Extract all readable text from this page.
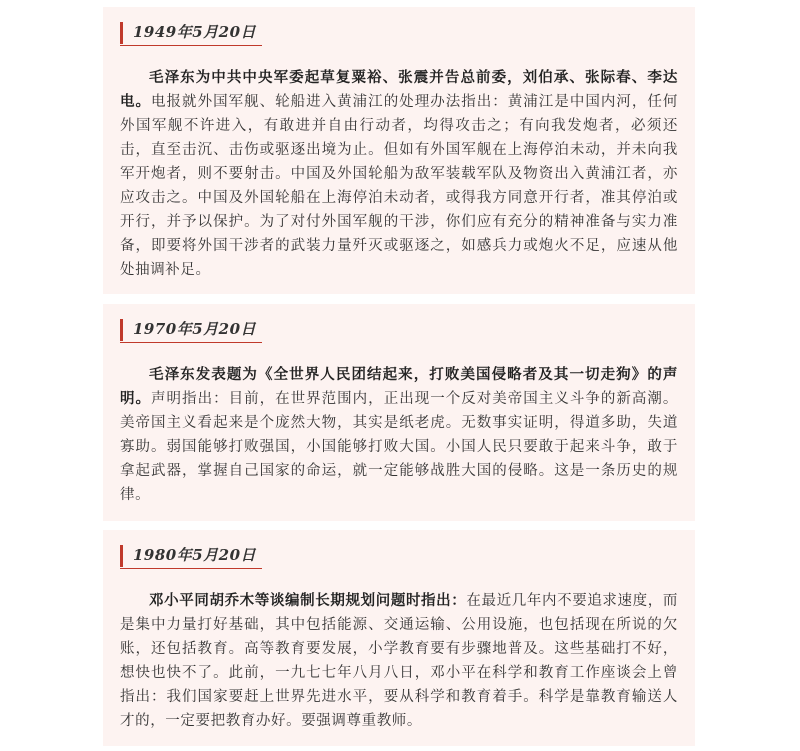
1949年5月20日

毛泽东为中共中央军委起草复粟裕、张震并告总前委，刘伯承、张际春、李达电。电报就外国军舰、轮船进入黄浦江的处理办法指出：黄浦江是中国内河，任何外国军舰不许进入，有敢进并自由行动者，均得攻击之；有向我发炮者，必须还击，直至击沉、击伤或驱逐出境为止。但如有外国军舰在上海停泊未动，并未向我军开炮者，则不要射击。中国及外国轮船为敌军装载军队及物资出入黄浦江者，亦应攻击之。中国及外国轮船在上海停泊未动者，或得我方同意开行者，准其停泊或开行，并予以保护。为了对付外国军舰的干涉，你们应有充分的精神准备与实力准备，即要将外国干涉者的武装力量歼灭或驱逐之，如感兵力或炮火不足，应速从他处抽调补足。

1970年5月20日

毛泽东发表题为《全世界人民团结起来，打败美国侵略者及其一切走狗》的声明。声明指出：目前，在世界范围内，正出现一个反对美帝国主义斗争的新高潮。美帝国主义看起来是个庞然大物，其实是纸老虎。无数事实证明，得道多助，失道寡助。弱国能够打败强国，小国能够打败大国。小国人民只要敢于起来斗争，敢于拿起武器，掌握自己国家的命运，就一定能够战胜大国的侵略。这是一条历史的规律。

1980年5月20日

邓小平同胡乔木等谈编制长期规划问题时指出：在最近几年内不要追求速度，而是集中力量打好基础，其中包括能源、交通运输、公用设施，也包括现在所说的欠账，还包括教育。高等教育要发展，小学教育要有步骤地普及。这些基础打不好，想快也快不了。此前，一九七七年八月八日，邓小平在科学和教育工作座谈会上曾指出：我们国家要赶上世界先进水平，要从科学和教育着手。科学是靠教育输送人才的，一定要把教育办好。要强调尊重教师。
